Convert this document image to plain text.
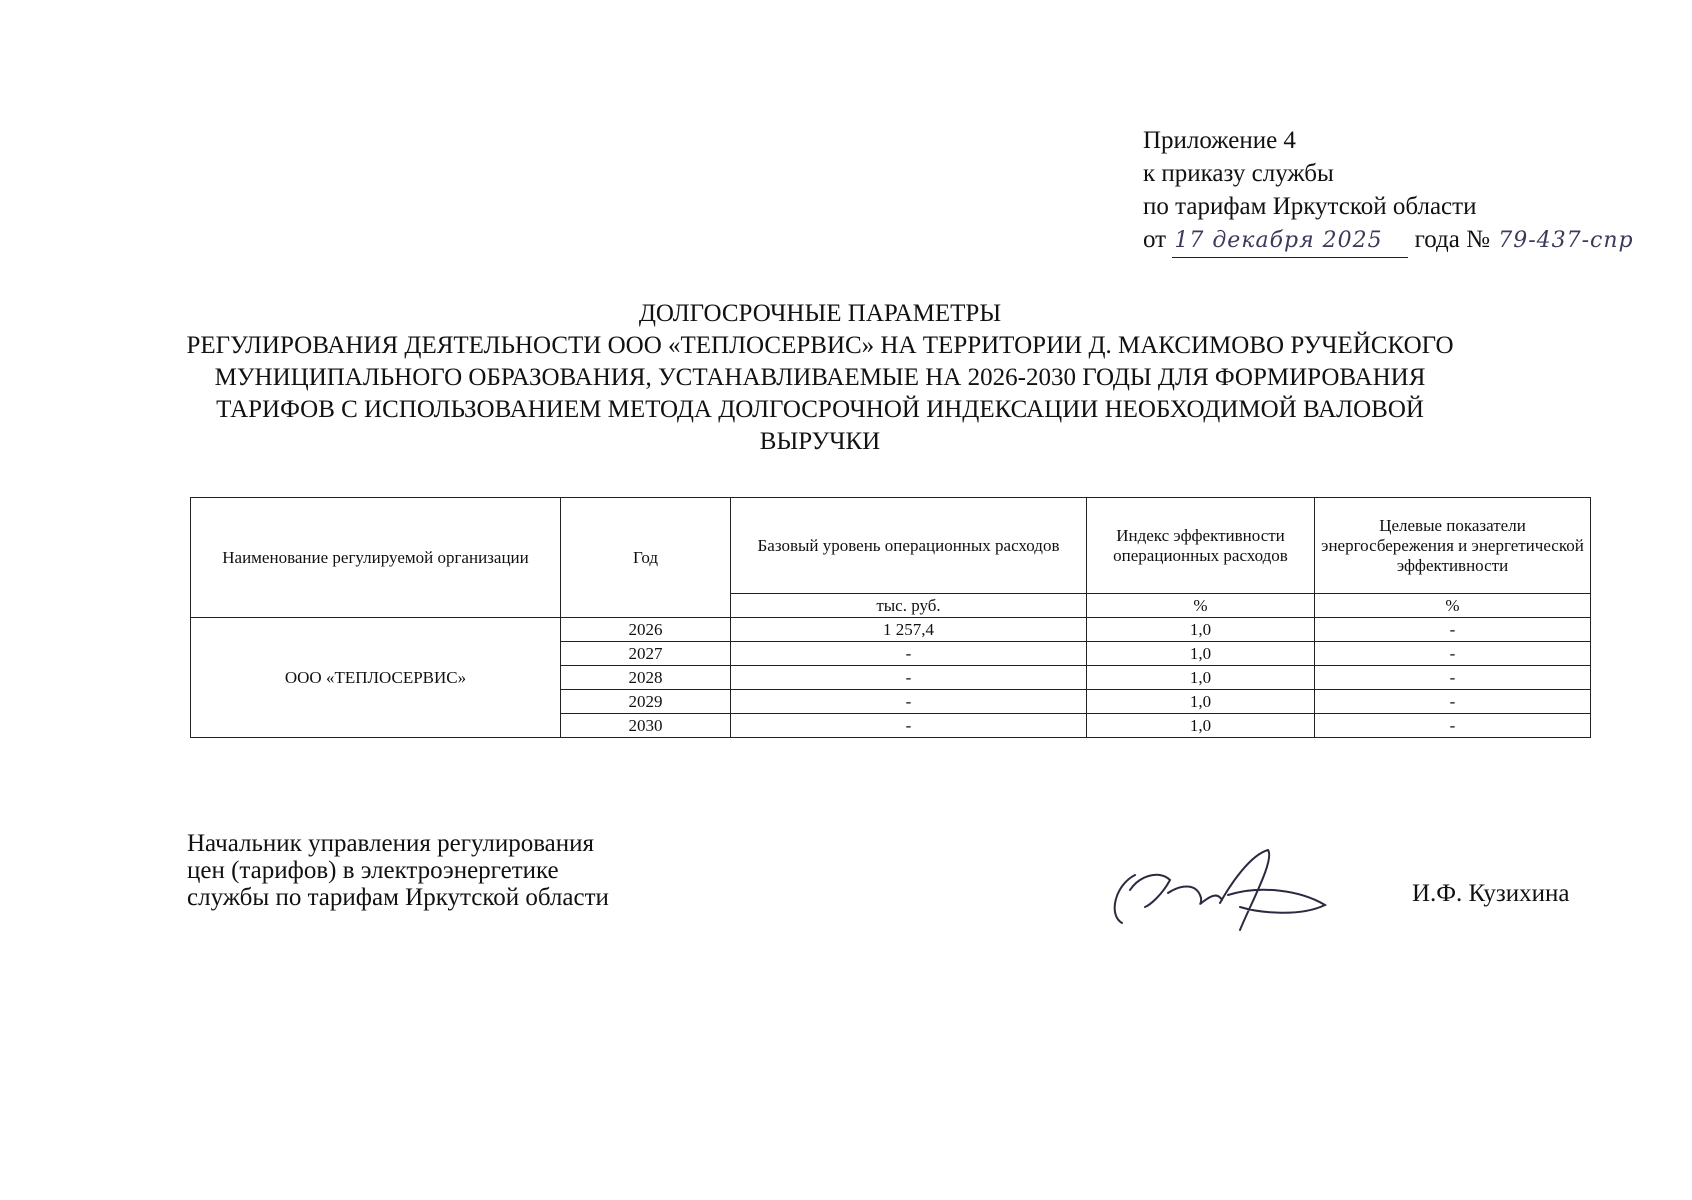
Приложение 4
к приказу службы
по тарифам Иркутской области
от 17 декабря 2025 года № 79-437-спр
ДОЛГОСРОЧНЫЕ ПАРАМЕТРЫ
РЕГУЛИРОВАНИЯ ДЕЯТЕЛЬНОСТИ ООО «ТЕПЛОСЕРВИС» НА ТЕРРИТОРИИ Д. МАКСИМОВО РУЧЕЙСКОГО
МУНИЦИПАЛЬНОГО ОБРАЗОВАНИЯ, УСТАНАВЛИВАЕМЫЕ НА 2026-2030 ГОДЫ ДЛЯ ФОРМИРОВАНИЯ
ТАРИФОВ С ИСПОЛЬЗОВАНИЕМ МЕТОДА ДОЛГОСРОЧНОЙ ИНДЕКСАЦИИ НЕОБХОДИМОЙ ВАЛОВОЙ
ВЫРУЧКИ
Наименование регулируемой организации	Год	Базовый уровень операционных расходов	Индекс эффективности операционных расходов	Целевые показатели энергосбережения и энергетической эффективности
		тыс. руб.	%	%
ООО «ТЕПЛОСЕРВИС»	2026	1 257,4	1,0	-
	2027	-	1,0	-
	2028	-	1,0	-
	2029	-	1,0	-
	2030	-	1,0	-
Начальник управления регулирования
цен (тарифов) в электроэнергетике
службы по тарифам Иркутской области	И.Ф. Кузихина
